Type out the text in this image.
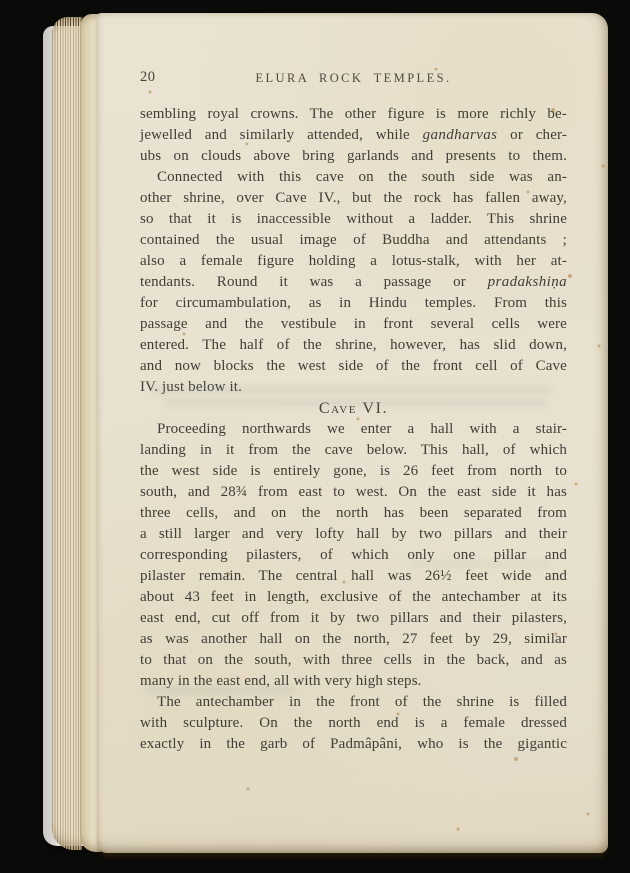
20	ELURA ROCK TEMPLES.
sembling royal crowns. The other figure is more richly be-
jewelled and similarly attended, while gandharvas or cher-
ubs on clouds above bring garlands and presents to them.
Connected with this cave on the south side was an-
other shrine, over Cave IV., but the rock has fallen away,
so that it is inaccessible without a ladder. This shrine
contained the usual image of Buddha and attendants ;
also a female figure holding a lotus-stalk, with her at-
tendants. Round it was a passage or pradakshiṇa
for circumambulation, as in Hindu temples. From this
passage and the vestibule in front several cells were
entered. The half of the shrine, however, has slid down,
and now blocks the west side of the front cell of Cave
IV. just below it.
Cave VI.
Proceeding northwards we enter a hall with a stair-
landing in it from the cave below. This hall, of which
the west side is entirely gone, is 26 feet from north to
south, and 28¾ from east to west. On the east side it has
three cells, and on the north has been separated from
a still larger and very lofty hall by two pillars and their
corresponding pilasters, of which only one pillar and
pilaster remain. The central hall was 26½ feet wide and
about 43 feet in length, exclusive of the antechamber at its
east end, cut off from it by two pillars and their pilasters,
as was another hall on the north, 27 feet by 29, similar
to that on the south, with three cells in the back, and as
many in the east end, all with very high steps.
The antechamber in the front of the shrine is filled
with sculpture. On the north end is a female dressed
exactly in the garb of Padmâpâni, who is the gigantic
